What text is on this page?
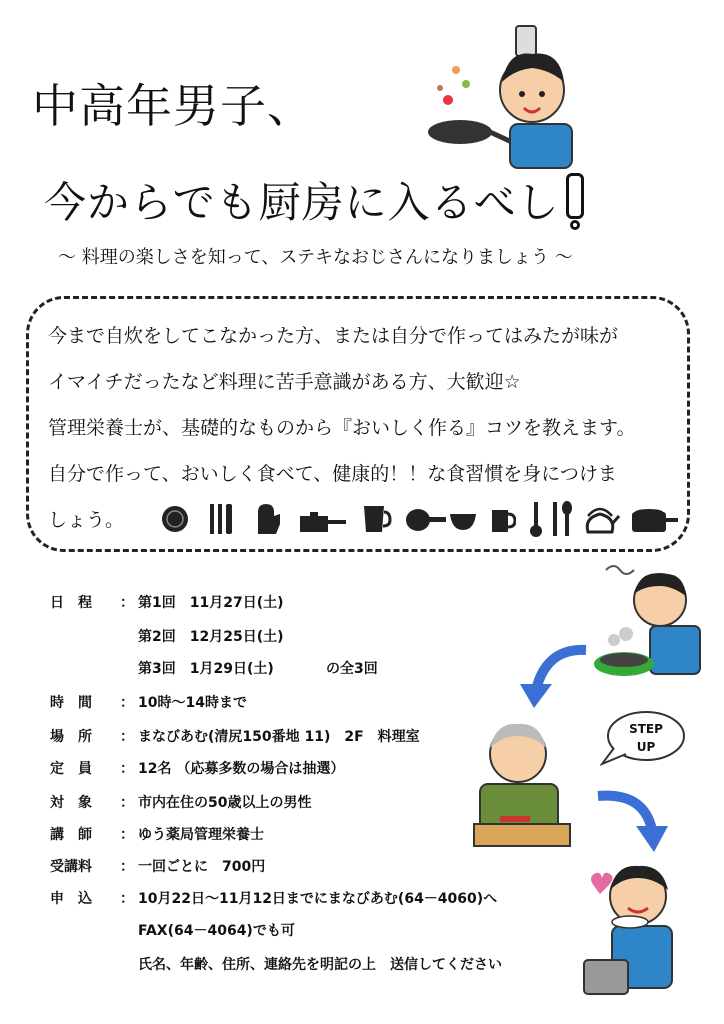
中高年男子、
今からでも厨房に入るべし
～ 料理の楽しさを知って、ステキなおじさんになりましょう ～
今まで自炊をしてこなかった方、または自分で作ってはみたが味が
イマイチだったなど料理に苦手意識がある方、大歓迎☆
管理栄養士が、基礎的なものから『おいしく作る』コツを教えます。
自分で作って、おいしく食べて、健康的！！な食習慣を身につけま
しょう。
日　程	： 第1回　11月27日(土)
第2回　12月25日(土)
第3回　1月29日(土)	の全3回
時　間	： 10時～14時まで
場　所	： まなびあむ(清尻150番地 11)　2F　料理室
定　員	： 12名 （応募多数の場合は抽選）
対　象	： 市内在住の50歳以上の男性
講　師	： ゆう薬局管理栄養士
受講料	： 一回ごとに　700円
申　込	： 10月22日～11月12日までにまなびあむ(64－4060)へ
FAX(64－4064)でも可
氏名、年齢、住所、連絡先を明記の上　送信してください
STEP
UP
